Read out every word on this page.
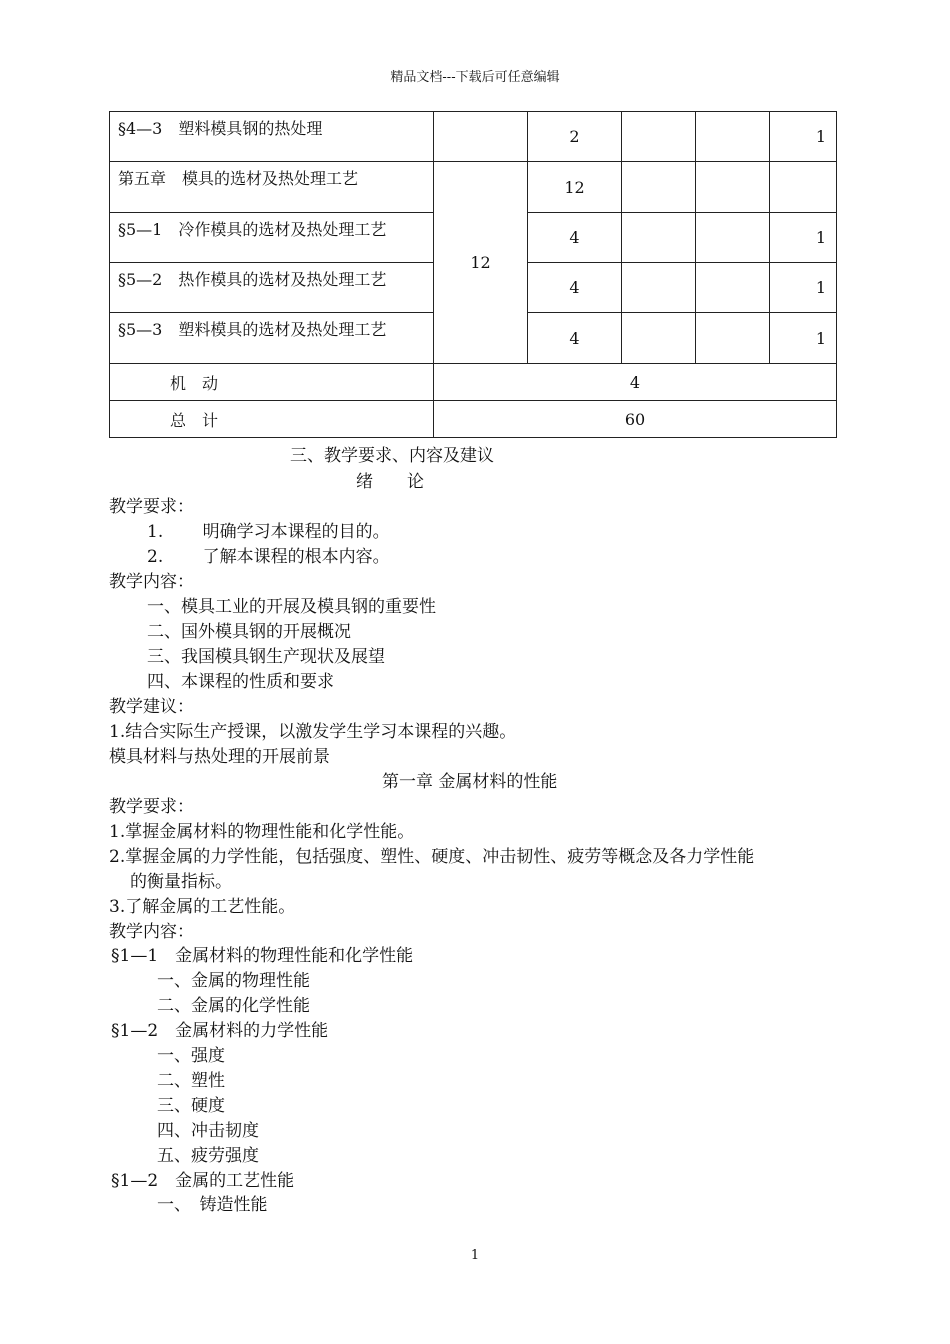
精品文档---下载后可任意编辑
§4—3　塑料模具钢的热处理		2			1
第五章　模具的选材及热处理工艺	12	12			
§5—1　冷作模具的选材及热处理工艺		4			1
§5—2　热作模具的选材及热处理工艺		4			1
§5—3　塑料模具的选材及热处理工艺		4			1
机　动	4				
总　计	60				
三、教学要求、内容及建议
绪　　论
教学要求：
1.　　 明确学习本课程的目的。
2.　　 了解本课程的根本内容。
教学内容：
一、模具工业的开展及模具钢的重要性
二、国外模具钢的开展概况
三、我国模具钢生产现状及展望
四、本课程的性质和要求
教学建议：
1.结合实际生产授课，以激发学生学习本课程的兴趣。
模具材料与热处理的开展前景
第一章 金属材料的性能
教学要求：
1.掌握金属材料的物理性能和化学性能。
2.掌握金属的力学性能，包括强度、塑性、硬度、冲击韧性、疲劳等概念及各力学性能
的衡量指标。
3.了解金属的工艺性能。
教学内容：
§1—1　金属材料的物理性能和化学性能
一、金属的物理性能
二、金属的化学性能
§1—2　金属材料的力学性能
一、强度
二、塑性
三、硬度
四、冲击韧度
五、疲劳强度
§1—2　金属的工艺性能
一、　铸造性能
1
